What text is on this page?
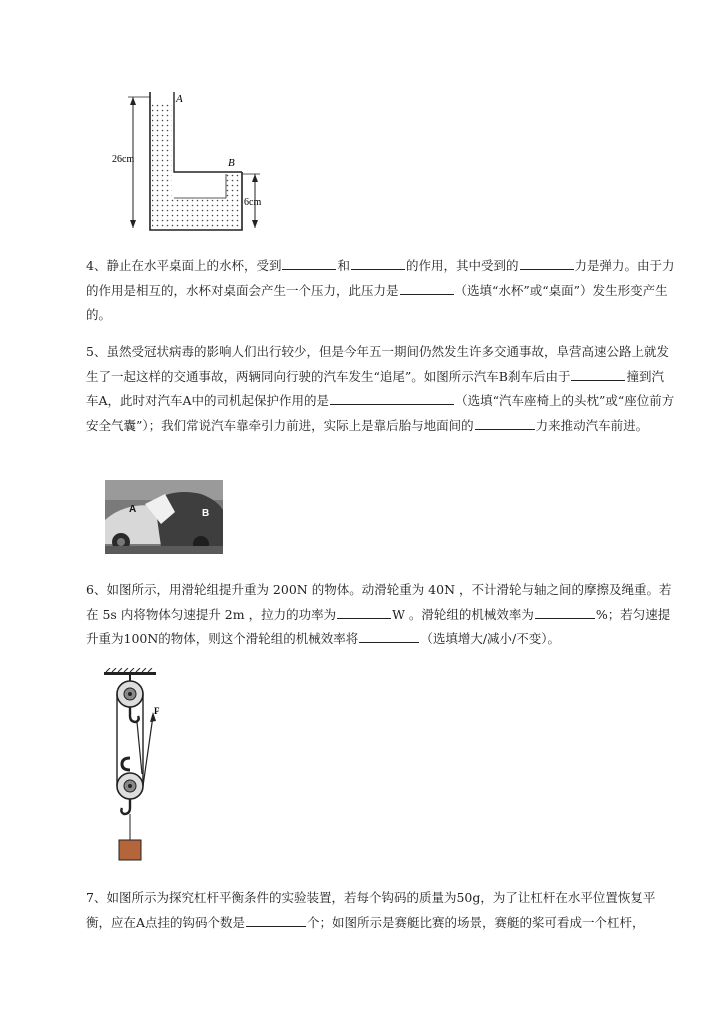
A
B
26cm
6cm
4、静止在水平桌面上的水杯，受到	和	的作用，其中受到的	力是弹力。由于力的作用是相互的，水杯对桌面会产生一个压力，此压力是	（选填“水杯”或“桌面”）发生形变产生的。
5、虽然受冠状病毒的影响人们出行较少，但是今年五一期间仍然发生许多交通事故，阜营高速公路上就发生了一起这样的交通事故，两辆同向行驶的汽车发生“追尾”。如图所示汽车B刹车后由于	撞到汽车A，此时对汽车A中的司机起保护作用的是	（选填“汽车座椅上的头枕”或“座位前方安全气囊”）；我们常说汽车靠牵引力前进，实际上是靠后胎与地面间的	力来推动汽车前进。
A	B
6、如图所示，用滑轮组提升重为 200N 的物体。动滑轮重为 40N ，不计滑轮与轴之间的摩擦及绳重。若在 5s 内将物体匀速提升 2m ，拉力的功率为	W 。滑轮组的机械效率为	%；若匀速提升重为100N的物体，则这个滑轮组的机械效率将	（选填增大/减小/不变）。
F
7、如图所示为探究杠杆平衡条件的实验装置，若每个钩码的质量为50g，为了让杠杆在水平位置恢复平衡，应在A点挂的钩码个数是	个；如图所示是赛艇比赛的场景，赛艇的桨可看成一个杠杆，
